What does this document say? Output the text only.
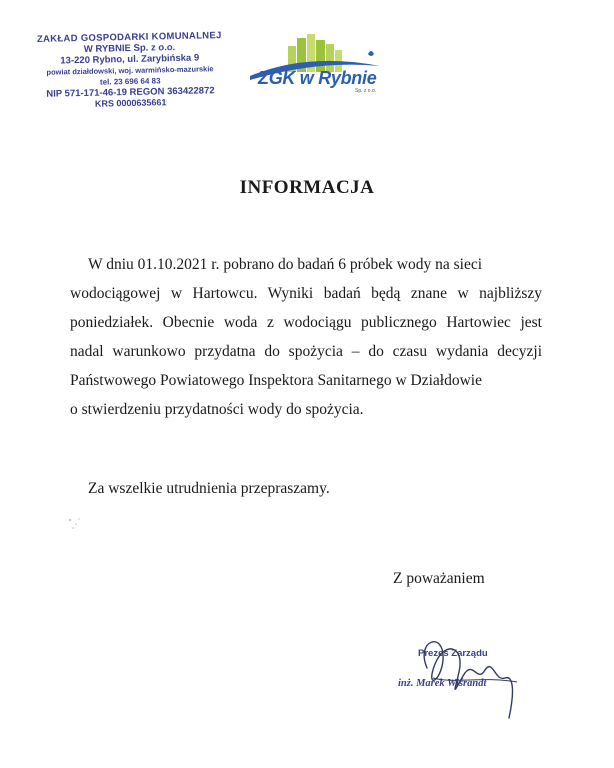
ZAKŁAD GOSPODARKI KOMUNALNEJ
W RYBNIE Sp. z o.o.
13-220 Rybno, ul. Zarybińska 9
powiat działdowski, woj. warmińsko-mazurskie
tel. 23 696 64 83
NIP 571-171-46-19 REGON 363422872
KRS 0000635661
ZGK w Rybnie
Sp. z o.o.
INFORMACJA
W dniu 01.10.2021 r. pobrano do badań 6 próbek wody na sieci
wodociągowej w Hartowcu. Wyniki badań będą znane w najbliższy
poniedziałek. Obecnie woda z wodociągu publicznego Hartowiec jest
nadal warunkowo przydatna do spożycia – do czasu wydania decyzji
Państwowego Powiatowego Inspektora Sanitarnego w Działdowie
o stwierdzeniu przydatności wody do spożycia.
Za wszelkie utrudnienia przepraszamy.
Z poważaniem
Prezes Zarządu
inż. Marek Wiśrandt
